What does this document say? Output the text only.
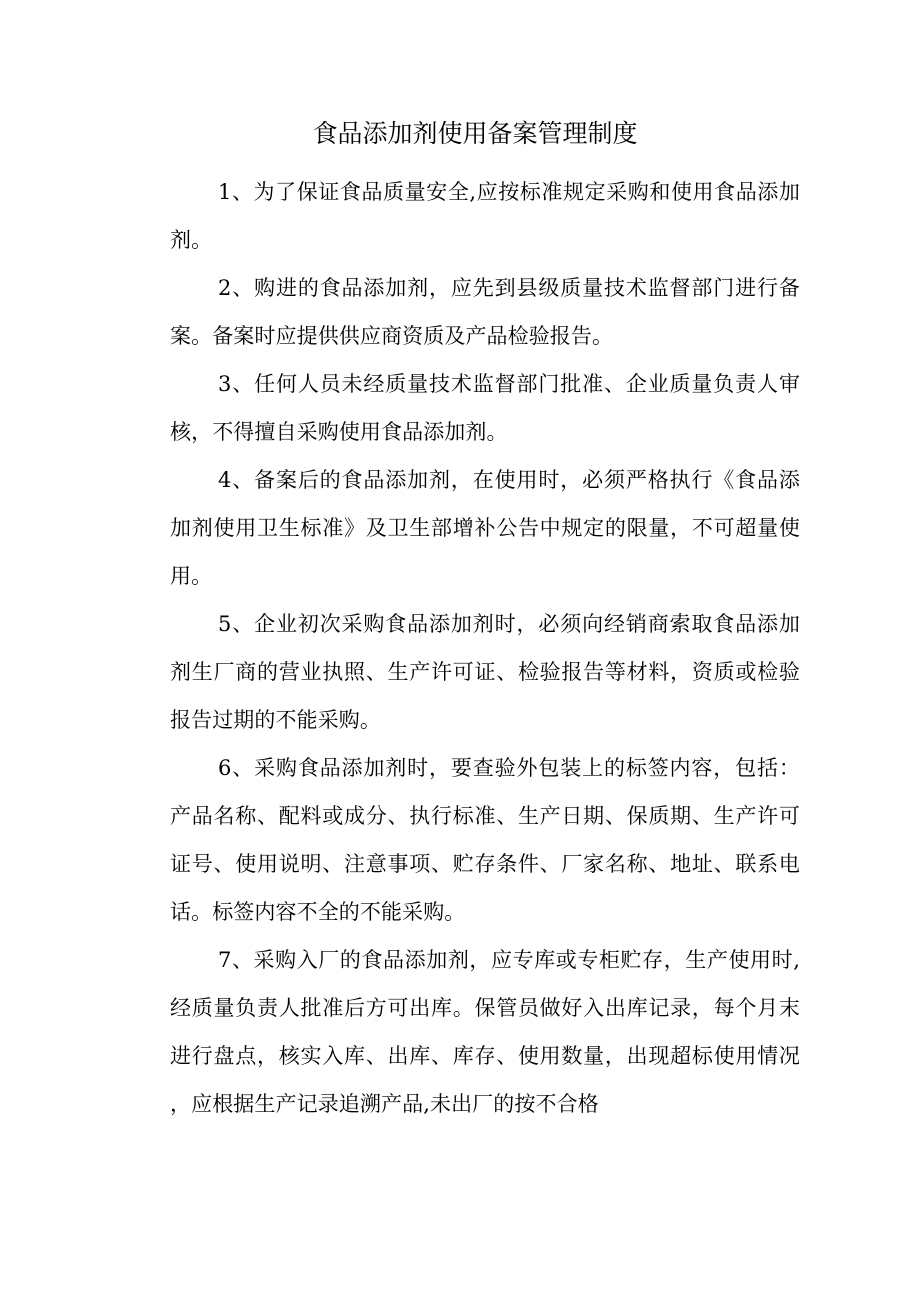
食品添加剂使用备案管理制度

1、为了保证食品质量安全,应按标准规定采购和使用食品添加剂。

2、购进的食品添加剂，应先到县级质量技术监督部门进行备案。备案时应提供供应商资质及产品检验报告。

3、任何人员未经质量技术监督部门批准、企业质量负责人审核，不得擅自采购使用食品添加剂。

4、备案后的食品添加剂，在使用时，必须严格执行《食品添加剂使用卫生标准》及卫生部增补公告中规定的限量，不可超量使用。

5、企业初次采购食品添加剂时，必须向经销商索取食品添加剂生厂商的营业执照、生产许可证、检验报告等材料，资质或检验报告过期的不能采购。

6、采购食品添加剂时，要查验外包装上的标签内容，包括：产品名称、配料或成分、执行标准、生产日期、保质期、生产许可证号、使用说明、注意事项、贮存条件、厂家名称、地址、联系电话。标签内容不全的不能采购。

7、采购入厂的食品添加剂，应专库或专柜贮存，生产使用时,经质量负责人批准后方可出库。保管员做好入出库记录，每个月末进行盘点，核实入库、出库、库存、使用数量，出现超标使用情况，应根据生产记录追溯产品,未出厂的按不合格
